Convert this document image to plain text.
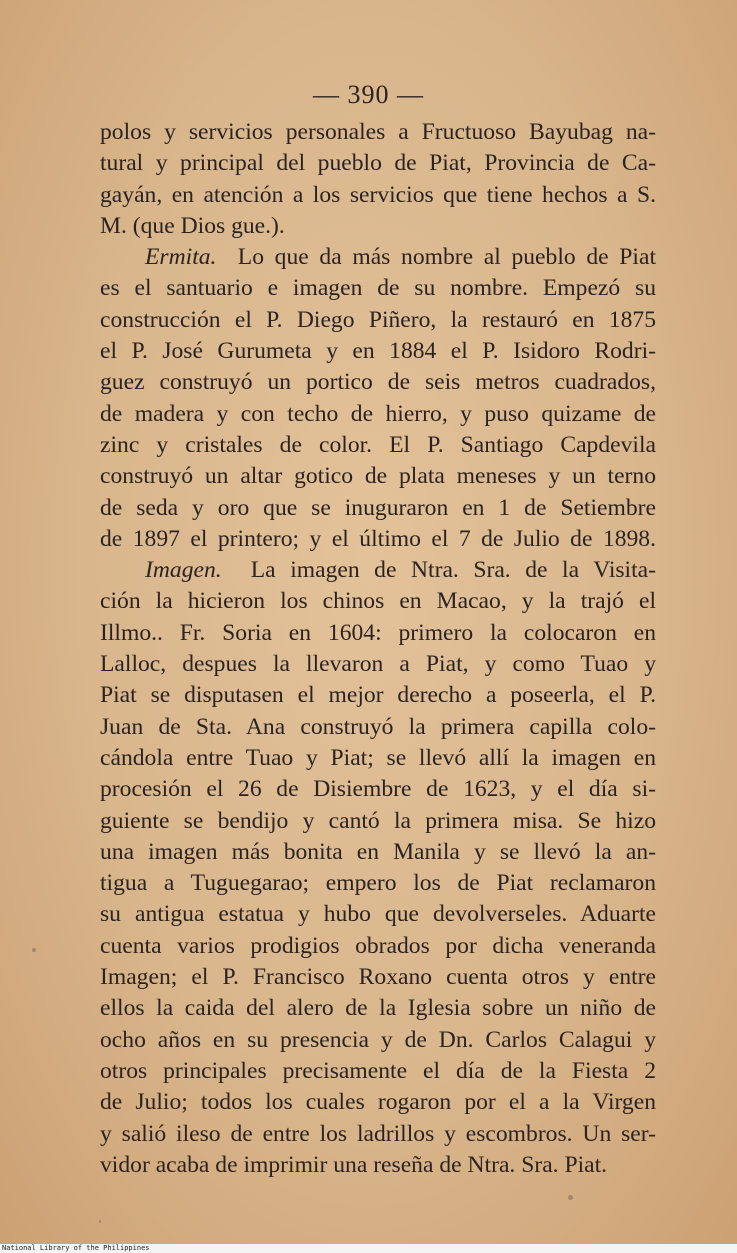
— 390 —
polos y servicios personales a Fructuoso Bayubag na-
tural y principal del pueblo de Piat, Provincia de Ca-
gayán, en atención a los servicios que tiene hechos a S.
M. (que Dios gue.).
Ermita. Lo que da más nombre al pueblo de Piat
es el santuario e imagen de su nombre. Empezó su
construcción el P. Diego Piñero, la restauró en 1875
el P. José Gurumeta y en 1884 el P. Isidoro Rodri-
guez construyó un portico de seis metros cuadrados,
de madera y con techo de hierro, y puso quizame de
zinc y cristales de color. El P. Santiago Capdevila
construyó un altar gotico de plata meneses y un terno
de seda y oro que se inuguraron en 1 de Setiembre
de 1897 el printero; y el último el 7 de Julio de 1898.
Imagen. La imagen de Ntra. Sra. de la Visita-
ción la hicieron los chinos en Macao, y la trajó el
Illmo.. Fr. Soria en 1604: primero la colocaron en
Lalloc, despues la llevaron a Piat, y como Tuao y
Piat se disputasen el mejor derecho a poseerla, el P.
Juan de Sta. Ana construyó la primera capilla colo-
cándola entre Tuao y Piat; se llevó allí la imagen en
procesión el 26 de Disiembre de 1623, y el día si-
guiente se bendijo y cantó la primera misa. Se hizo
una imagen más bonita en Manila y se llevó la an-
tigua a Tuguegarao; empero los de Piat reclamaron
su antigua estatua y hubo que devolverseles. Aduarte
cuenta varios prodigios obrados por dicha veneranda
Imagen; el P. Francisco Roxano cuenta otros y entre
ellos la caida del alero de la Iglesia sobre un niño de
ocho años en su presencia y de Dn. Carlos Calagui y
otros principales precisamente el día de la Fiesta 2
de Julio; todos los cuales rogaron por el a la Virgen
y salió ileso de entre los ladrillos y escombros. Un ser-
vidor acaba de imprimir una reseña de Ntra. Sra. Piat.
National Library of the Philippines
